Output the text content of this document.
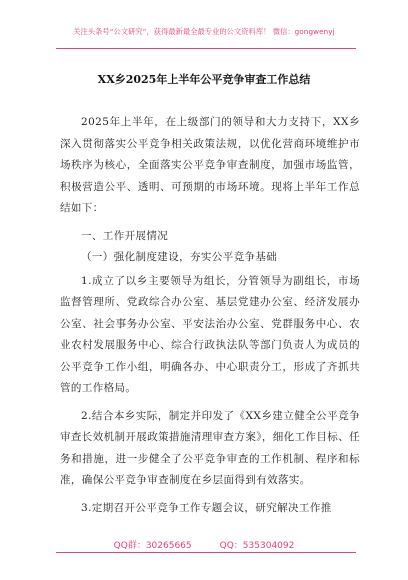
关注头条号“公文研究”，获得最新最全最专业的公文资料库！ 微信：gongwenyj
XX乡2025年上半年公平竞争审查工作总结

2025年上半年，在上级部门的领导和大力支持下，XX乡深入贯彻落实公平竞争相关政策法规，以优化营商环境维护市场秩序为核心，全面落实公平竞争审查制度，加强市场监管，积极营造公平、透明、可预期的市场环境。现将上半年工作总结如下：

一、工作开展情况

（一）强化制度建设，夯实公平竞争基础

1.成立了以乡主要领导为组长，分管领导为副组长，市场监督管理所、党政综合办公室、基层党建办公室、经济发展办公室、社会事务办公室、平安法治办公室、党群服务中心、农业农村发展服务中心、综合行政执法队等部门负责人为成员的公平竞争工作小组，明确各办、中心职责分工，形成了齐抓共管的工作格局。

2.结合本乡实际，制定并印发了《XX乡建立健全公平竞争审查长效机制开展政策措施清理审查方案》，细化工作目标、任务和措施，进一步健全了公平竞争审查的工作机制、程序和标准，确保公平竞争审查制度在乡层面得到有效落实。

3.定期召开公平竞争工作专题会议，研究解决工作推

QQ群：30265665	QQ：535304092
